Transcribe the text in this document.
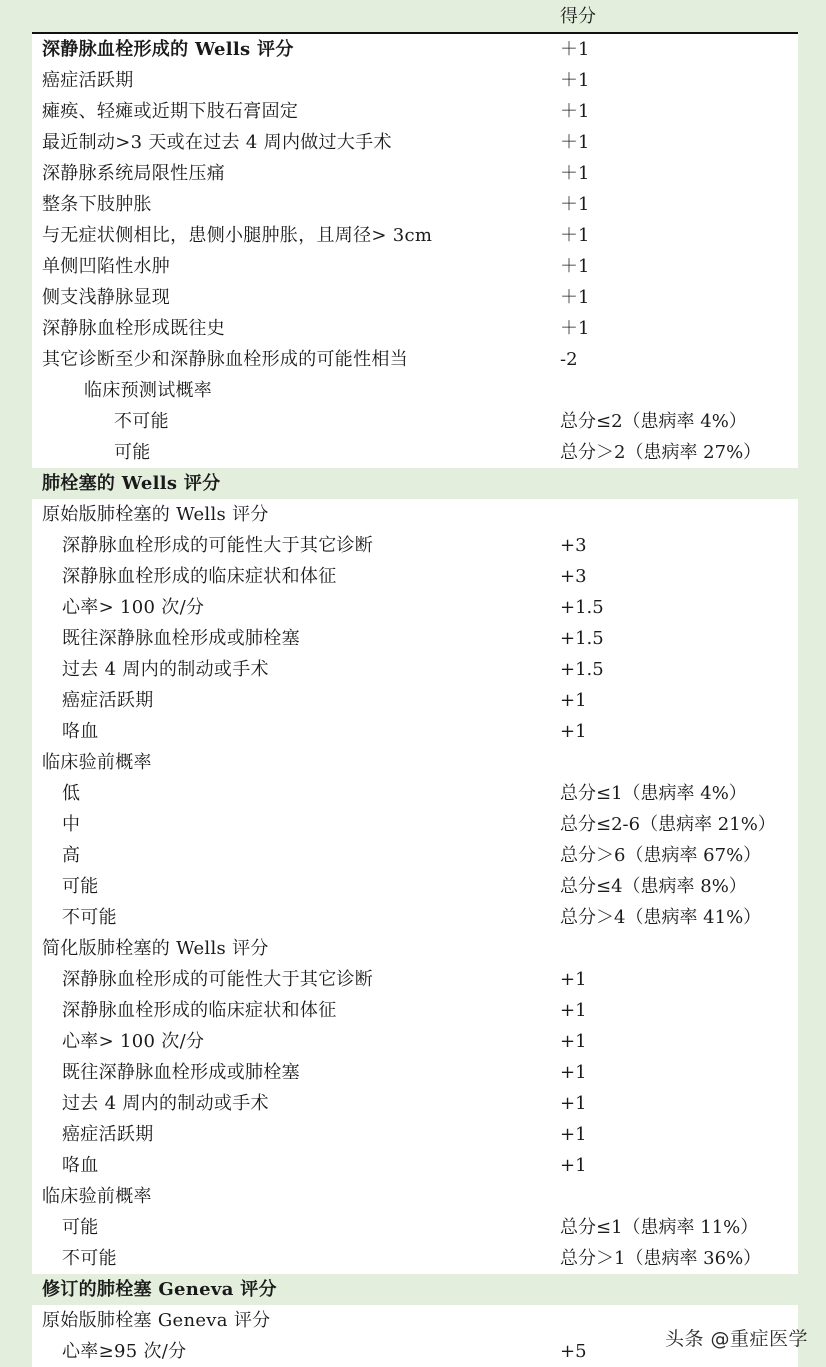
得分
深静脉血栓形成的 Wells 评分	＋1
癌症活跃期	＋1
瘫痪、轻瘫或近期下肢石膏固定	＋1
最近制动>3 天或在过去 4 周内做过大手术	＋1
深静脉系统局限性压痛	＋1
整条下肢肿胀	＋1
与无症状侧相比，患侧小腿肿胀，且周径> 3cm	＋1
单侧凹陷性水肿	＋1
侧支浅静脉显现	＋1
深静脉血栓形成既往史	＋1
其它诊断至少和深静脉血栓形成的可能性相当	-2
临床预测试概率
不可能	总分≤2（患病率 4%）
可能	总分＞2（患病率 27%）
肺栓塞的 Wells 评分
原始版肺栓塞的 Wells 评分
深静脉血栓形成的可能性大于其它诊断	+3
深静脉血栓形成的临床症状和体征	+3
心率> 100 次/分	+1.5
既往深静脉血栓形成或肺栓塞	+1.5
过去 4 周内的制动或手术	+1.5
癌症活跃期	+1
咯血	+1
临床验前概率
低	总分≤1（患病率 4%）
中	总分≤2-6（患病率 21%）
高	总分＞6（患病率 67%）
可能	总分≤4（患病率 8%）
不可能	总分＞4（患病率 41%）
简化版肺栓塞的 Wells 评分
深静脉血栓形成的可能性大于其它诊断	+1
深静脉血栓形成的临床症状和体征	+1
心率> 100 次/分	+1
既往深静脉血栓形成或肺栓塞	+1
过去 4 周内的制动或手术	+1
癌症活跃期	+1
咯血	+1
临床验前概率
可能	总分≤1（患病率 11%）
不可能	总分＞1（患病率 36%）
修订的肺栓塞 Geneva 评分
原始版肺栓塞 Geneva 评分
心率≥95 次/分	+5
头条 @重症医学
